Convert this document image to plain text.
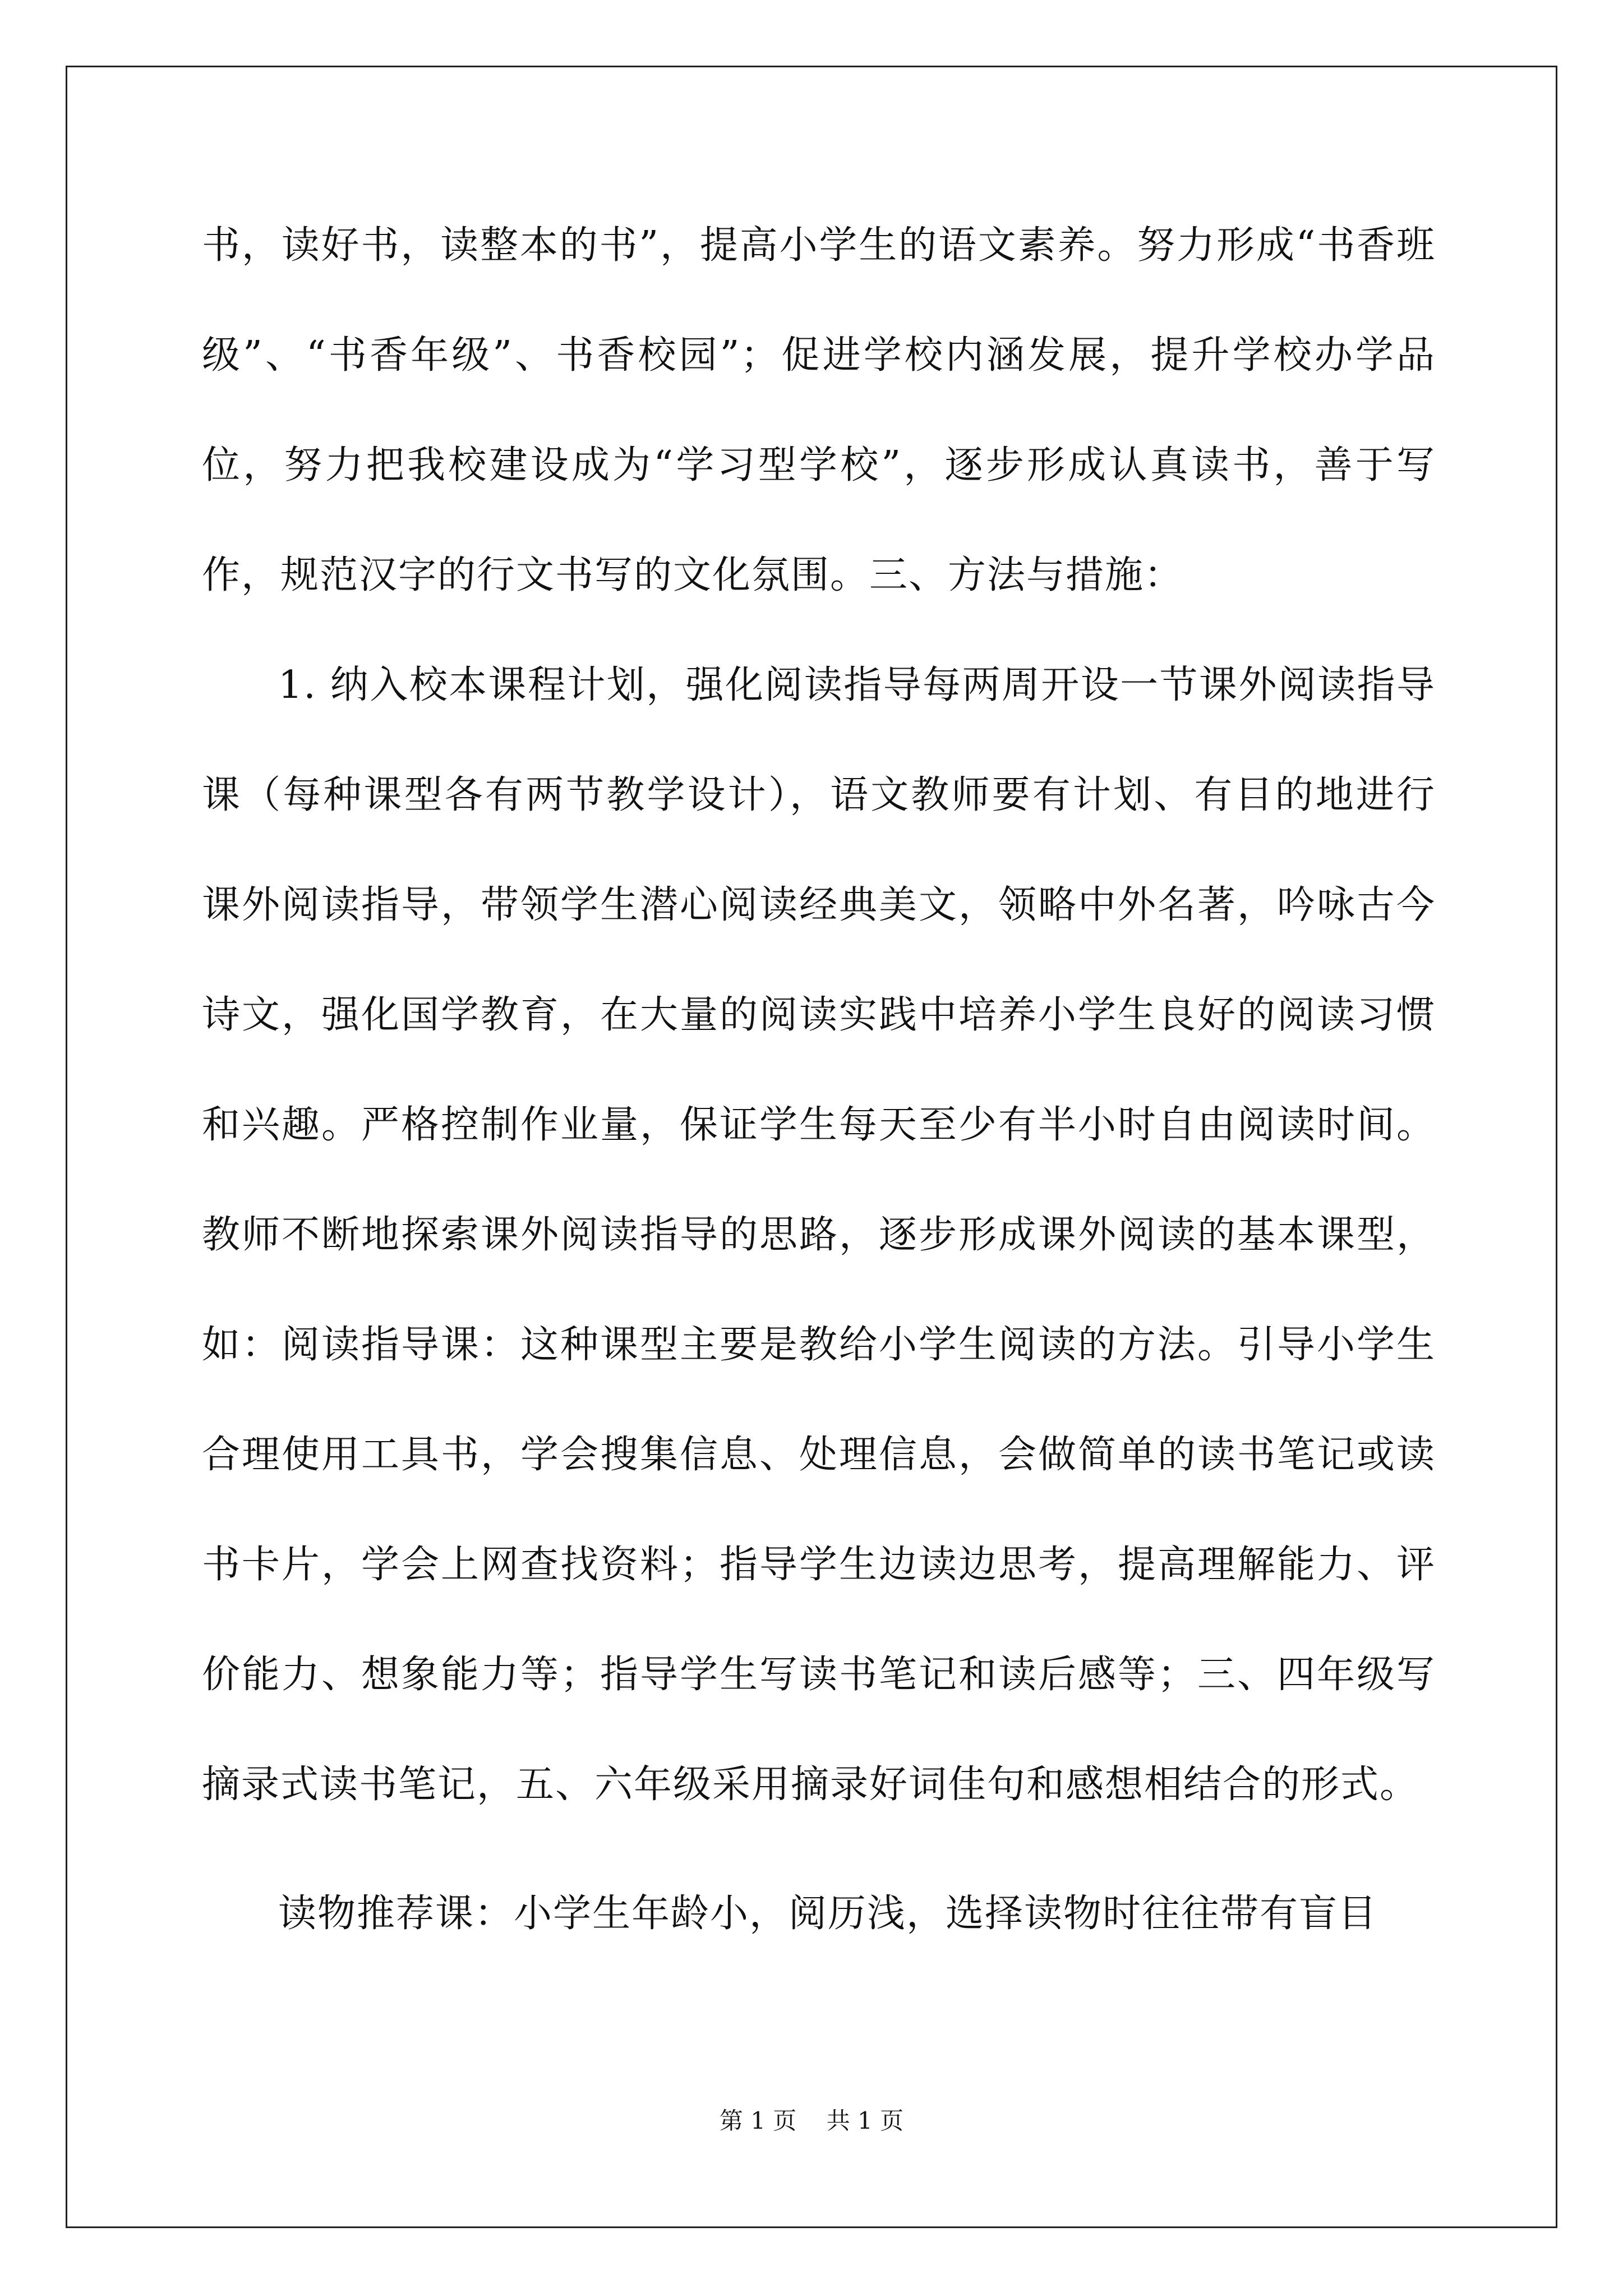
书，读好书，读整本的书”，提高小学生的语文素养。努力形成“书香班级”、“书香年级”、书香校园”；促进学校内涵发展，提升学校办学品位，努力把我校建设成为“学习型学校”，逐步形成认真读书，善于写作，规范汉字的行文书写的文化氛围。三、方法与措施：

1. 纳入校本课程计划，强化阅读指导每两周开设一节课外阅读指导课（每种课型各有两节教学设计），语文教师要有计划、有目的地进行课外阅读指导，带领学生潜心阅读经典美文，领略中外名著，吟咏古今诗文，强化国学教育，在大量的阅读实践中培养小学生良好的阅读习惯和兴趣。严格控制作业量，保证学生每天至少有半小时自由阅读时间。教师不断地探索课外阅读指导的思路，逐步形成课外阅读的基本课型，如：阅读指导课：这种课型主要是教给小学生阅读的方法。引导小学生合理使用工具书，学会搜集信息、处理信息，会做简单的读书笔记或读书卡片，学会上网查找资料；指导学生边读边思考，提高理解能力、评价能力、想象能力等；指导学生写读书笔记和读后感等；三、四年级写摘录式读书笔记，五、六年级采用摘录好词佳句和感想相结合的形式。

读物推荐课：小学生年龄小，阅历浅，选择读物时往往带有盲目

第 1 页    共 1 页
